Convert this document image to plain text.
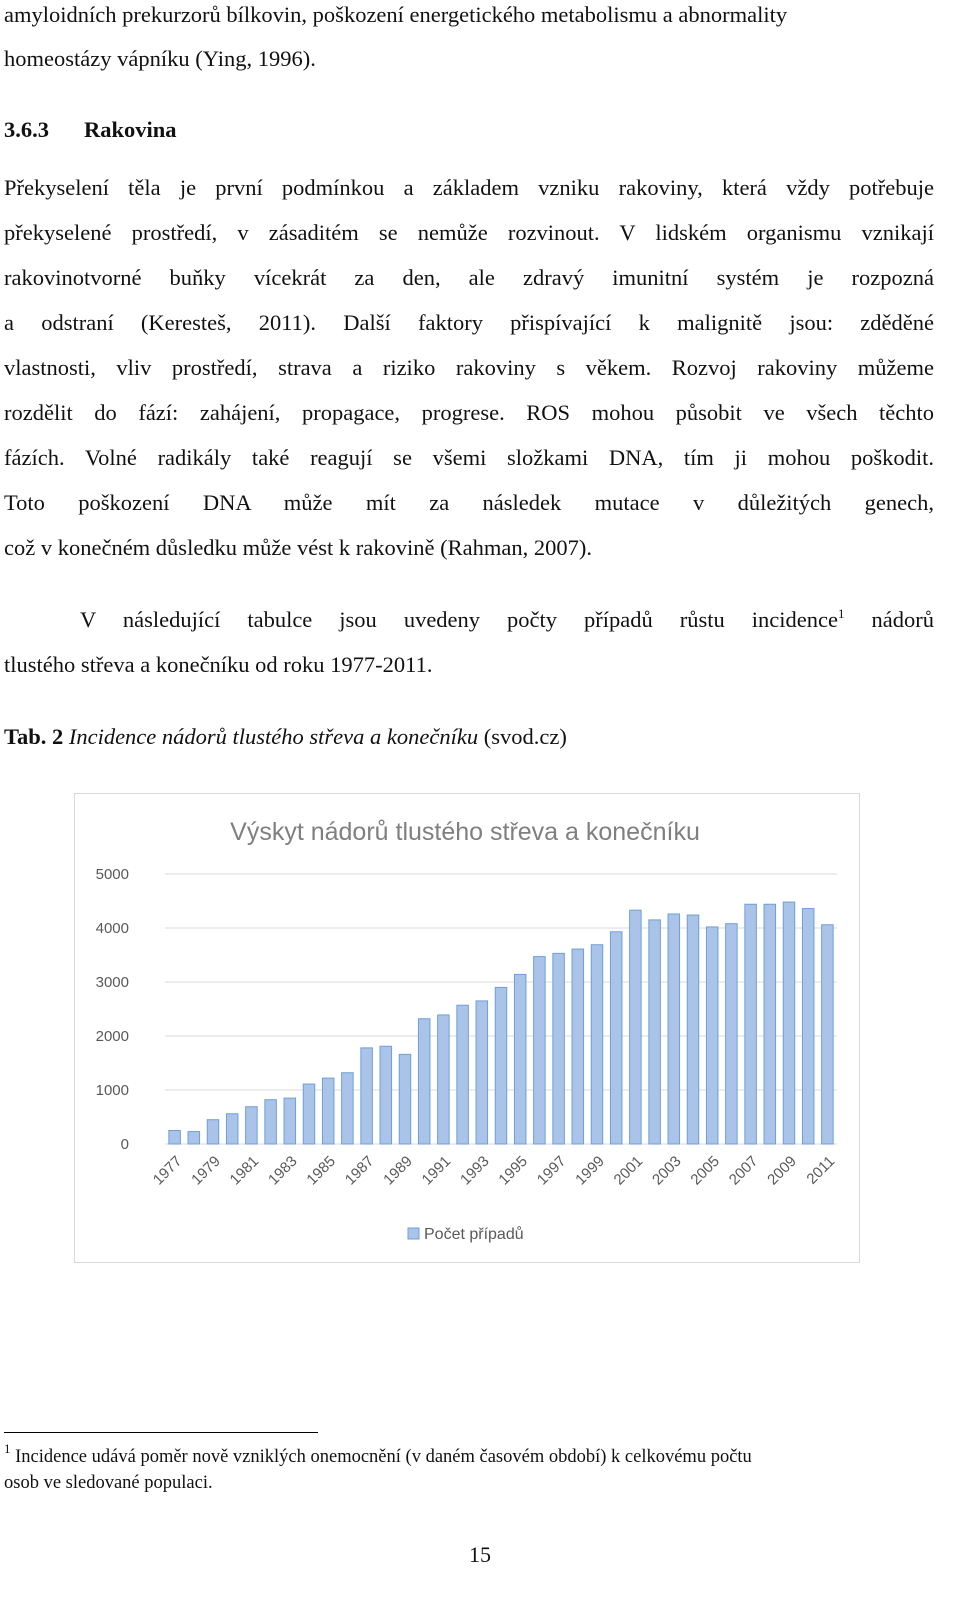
amyloidních prekurzorů bílkovin, poškození energetického metabolismu a abnormality
homeostázy vápníku (Ying, 1996).
3.6.3 Rakovina
Překyselení těla je první podmínkou a základem vzniku rakoviny, která vždy potřebuje
překyselené prostředí, v zásaditém se nemůže rozvinout. V lidském organismu vznikají
rakovinotvorné buňky vícekrát za den, ale zdravý imunitní systém je rozpozná
a odstraní (Keresteš, 2011). Další faktory přispívající k malignitě jsou: zděděné
vlastnosti, vliv prostředí, strava a riziko rakoviny s věkem. Rozvoj rakoviny můžeme
rozdělit do fází: zahájení, propagace, progrese. ROS mohou působit ve všech těchto
fázích. Volné radikály také reagují se všemi složkami DNA, tím ji mohou poškodit.
Toto poškození DNA může mít za následek mutace v důležitých genech,
což v konečném důsledku může vést k rakovině (Rahman, 2007).
V následující tabulce jsou uvedeny počty případů růstu incidence$^1$ nádorů
tlustého střeva a konečníku od roku 1977-2011.
Tab. 2 Incidence nádorů tlustého střeva a konečníku (svod.cz)
Výskyt nádorů tlustého střeva a konečníku
0
1000
2000
3000
4000
5000
1977 1979 1981 1983 1985 1987 1989 1991 1993 1995 1997 1999 2001 2003 2005 2007 2009 2011
Počet případů
$^1$ Incidence udává poměr nově vzniklých onemocnění (v daném časovém období) k celkovému počtu
osob ve sledované populaci.
15
